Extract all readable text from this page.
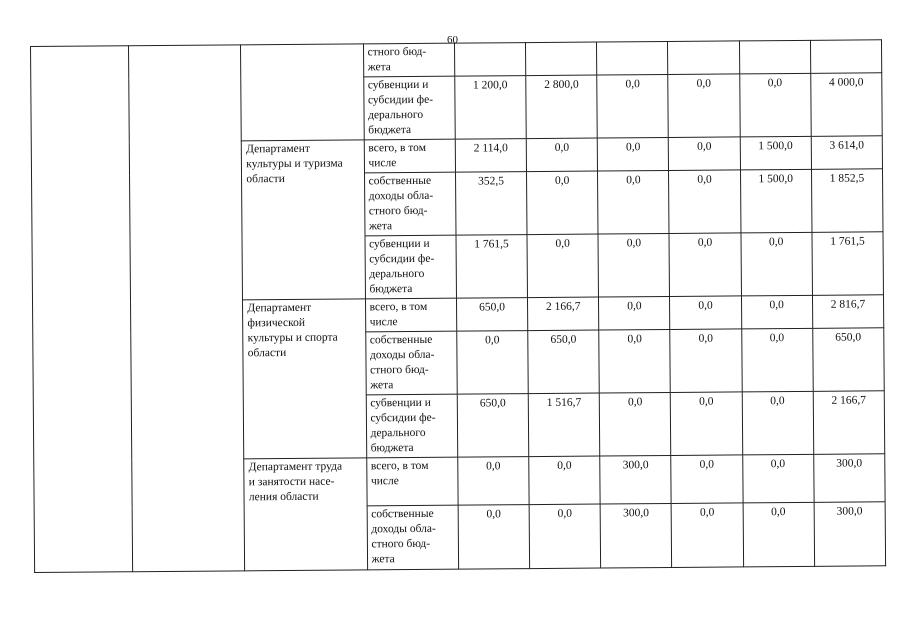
60
			стного бюд-
жета						
			субвенции и
субсидии фе-
дерального
бюджета	1 200,0	2 800,0	0,0	0,0	0,0	4 000,0
		Департамент
культуры и туризма
области	всего, в том
числе	2 114,0	0,0	0,0	0,0	1 500,0	3 614,0
			собственные
доходы обла-
стного бюд-
жета	352,5	0,0	0,0	0,0	1 500,0	1 852,5
			субвенции и
субсидии фе-
дерального
бюджета	1 761,5	0,0	0,0	0,0	0,0	1 761,5
		Департамент
физической
культуры и спорта
области	всего, в том
числе	650,0	2 166,7	0,0	0,0	0,0	2 816,7
			собственные
доходы обла-
стного бюд-
жета	0,0	650,0	0,0	0,0	0,0	650,0
			субвенции и
субсидии фе-
дерального
бюджета	650,0	1 516,7	0,0	0,0	0,0	2 166,7
		Департамент труда
и занятости насе-
ления области	всего, в том
числе	0,0	0,0	300,0	0,0	0,0	300,0
			собственные
доходы обла-
стного бюд-
жета	0,0	0,0	300,0	0,0	0,0	300,0
